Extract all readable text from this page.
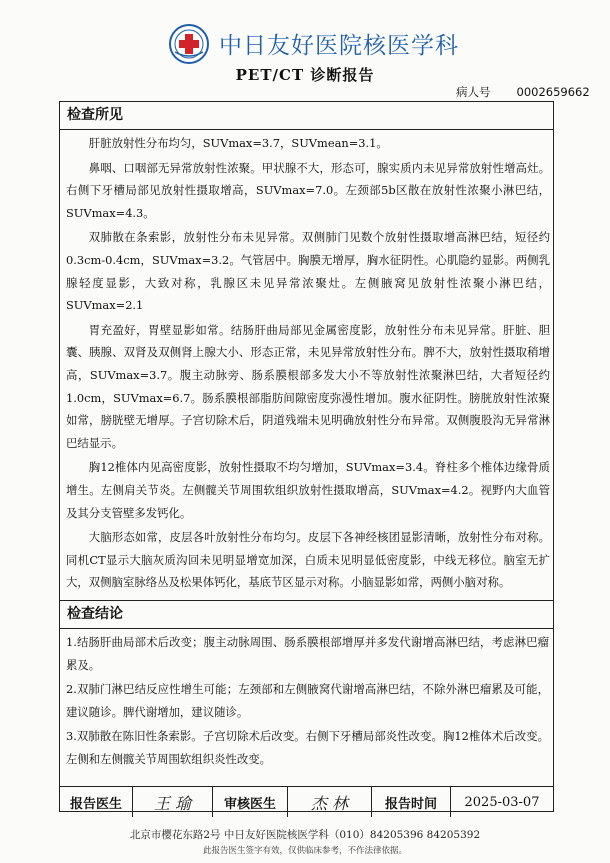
中日友好医院核医学科
PET/CT 诊断报告
病人号 0002659662
检查所见

肝脏放射性分布均匀，SUVmax=3.7，SUVmean=3.1。

鼻咽、口咽部无异常放射性浓聚。甲状腺不大，形态可，腺实质内未见异常放射性增高灶。右侧下牙槽局部见放射性摄取增高，SUVmax=7.0。左颈部5b区散在放射性浓聚小淋巴结，SUVmax=4.3。

双肺散在条索影，放射性分布未见异常。双侧肺门见数个放射性摄取增高淋巴结，短径约0.3cm-0.4cm，SUVmax=3.2。气管居中。胸膜无增厚，胸水征阴性。心肌隐约显影。两侧乳腺轻度显影，大致对称，乳腺区未见异常浓聚灶。左侧腋窝见放射性浓聚小淋巴结，SUVmax=2.1

胃充盈好，胃壁显影如常。结肠肝曲局部见金属密度影，放射性分布未见异常。肝脏、胆囊、胰腺、双肾及双侧肾上腺大小、形态正常，未见异常放射性分布。脾不大，放射性摄取稍增高，SUVmax=3.7。腹主动脉旁、肠系膜根部多发大小不等放射性浓聚淋巴结，大者短径约1.0cm，SUVmax=6.7。肠系膜根部脂肪间隙密度弥漫性增加。腹水征阴性。膀胱放射性浓聚如常，膀胱壁无增厚。子宫切除术后，阴道残端未见明确放射性分布异常。双侧腹股沟无异常淋巴结显示。

胸12椎体内见高密度影，放射性摄取不均匀增加，SUVmax=3.4。脊柱多个椎体边缘骨质增生。左侧肩关节炎。左侧髋关节周围软组织放射性摄取增高，SUVmax=4.2。视野内大血管及其分支管壁多发钙化。

大脑形态如常，皮层各叶放射性分布均匀。皮层下各神经核团显影清晰，放射性分布对称。同机CT显示大脑灰质沟回未见明显增宽加深，白质未见明显低密度影，中线无移位。脑室无扩大，双侧脑室脉络丛及松果体钙化，基底节区显示对称。小脑显影如常，两侧小脑对称。

检查结论

1.结肠肝曲局部术后改变；腹主动脉周围、肠系膜根部增厚并多发代谢增高淋巴结，考虑淋巴瘤累及。

2.双肺门淋巴结反应性增生可能；左颈部和左侧腋窝代谢增高淋巴结，不除外淋巴瘤累及可能，建议随诊。脾代谢增加，建议随诊。

3.双肺散在陈旧性条索影。子宫切除术后改变。右侧下牙槽局部炎性改变。胸12椎体术后改变。左侧和左侧髋关节周围软组织炎性改变。

报告医生	王 瑜	审核医生	杰 林	报告时间	2025-03-07
北京市樱花东路2号 中日友好医院核医学科（010）84205396 84205392
此报告医生签字有效，仅供临床参考，不作法律依据。
